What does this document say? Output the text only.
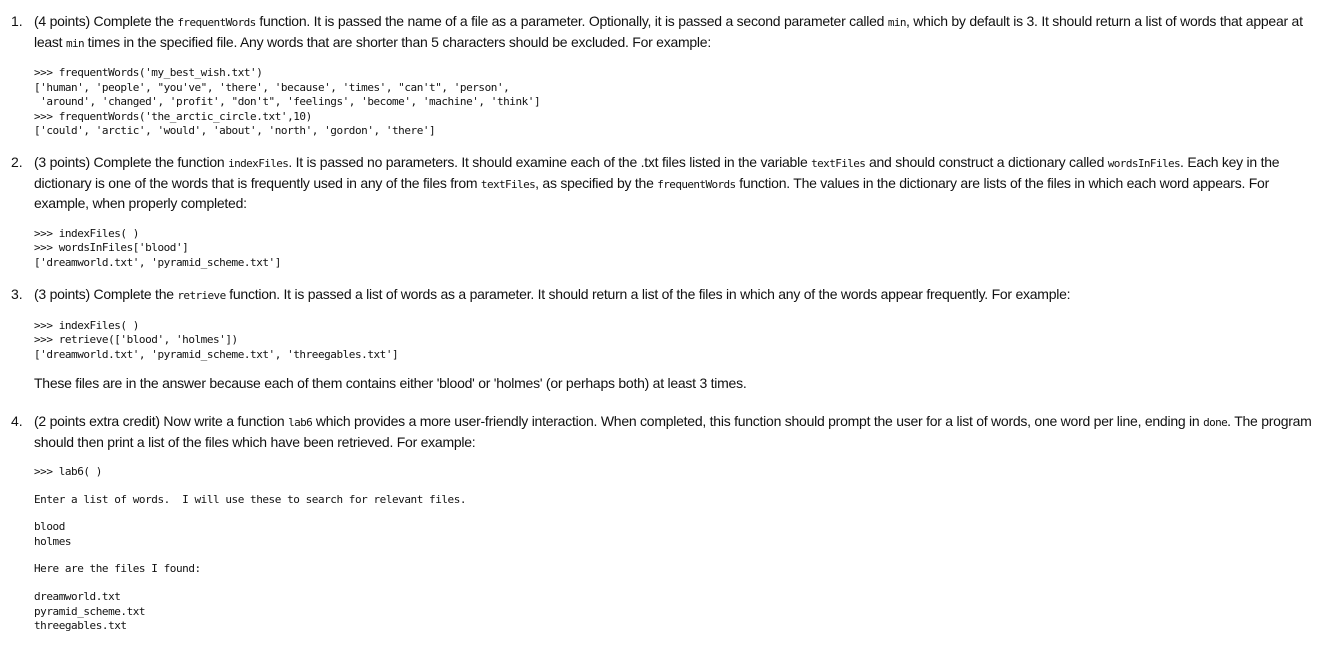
1. (4 points) Complete the frequentWords function. It is passed the name of a file as a parameter. Optionally, it is passed a second parameter called min, which by default is 3. It should return a list of words that appear at least min times in the specified file. Any words that are shorter than 5 characters should be excluded. For example:
>>> frequentWords('my_best_wish.txt')
['human', 'people', "you've", 'there', 'because', 'times', "can't", 'person',
'around', 'changed', 'profit', "don't", 'feelings', 'become', 'machine', 'think']
>>> frequentWords('the_arctic_circle.txt',10)
['could', 'arctic', 'would', 'about', 'north', 'gordon', 'there']
2. (3 points) Complete the function indexFiles. It is passed no parameters. It should examine each of the .txt files listed in the variable textFiles and should construct a dictionary called wordsInFiles. Each key in the dictionary is one of the words that is frequently used in any of the files from textFiles, as specified by the frequentWords function. The values in the dictionary are lists of the files in which each word appears. For example, when properly completed:
>>> indexFiles( )
>>> wordsInFiles['blood']
['dreamworld.txt', 'pyramid_scheme.txt']
3. (3 points) Complete the retrieve function. It is passed a list of words as a parameter. It should return a list of the files in which any of the words appear frequently. For example:
>>> indexFiles( )
>>> retrieve(['blood', 'holmes'])
['dreamworld.txt', 'pyramid_scheme.txt', 'threegables.txt']
These files are in the answer because each of them contains either 'blood' or 'holmes' (or perhaps both) at least 3 times.
4. (2 points extra credit) Now write a function lab6 which provides a more user-friendly interaction. When completed, this function should prompt the user for a list of words, one word per line, ending in done. The program should then print a list of the files which have been retrieved. For example:
>>> lab6( )
Enter a list of words.  I will use these to search for relevant files.
blood
holmes
Here are the files I found:
dreamworld.txt
pyramid_scheme.txt
threegables.txt
